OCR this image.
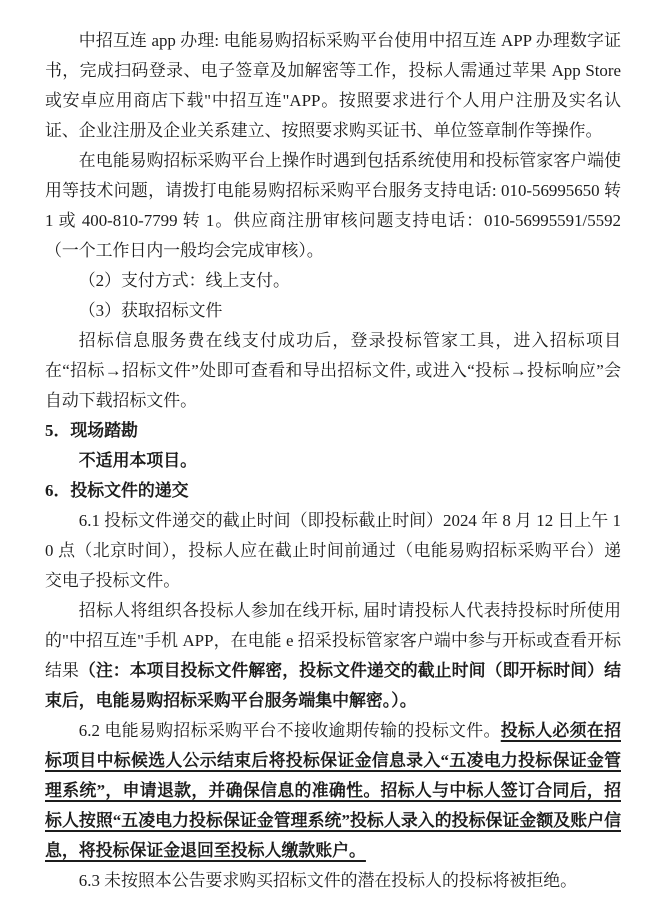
中招互连 app 办理: 电能易购招标采购平台使用中招互连 APP 办理数字证书，完成扫码登录、电子签章及加解密等工作，投标人需通过苹果 App Store 或安卓应用商店下载"中招互连"APP。按照要求进行个人用户注册及实名认证、企业注册及企业关系建立、按照要求购买证书、单位签章制作等操作。

在电能易购招标采购平台上操作时遇到包括系统使用和投标管家客户端使用等技术问题，请拨打电能易购招标采购平台服务支持电话: 010-56995650 转 1 或 400-810-7799 转 1。供应商注册审核问题支持电话：010-56995591/5592（一个工作日内一般均会完成审核）。

（2）支付方式：线上支付。

（3）获取招标文件

招标信息服务费在线支付成功后，登录投标管家工具，进入招标项目在“招标→招标文件”处即可查看和导出招标文件, 或进入“投标→投标响应”会自动下载招标文件。

5．现场踏勘

不适用本项目。

6．投标文件的递交

6.1 投标文件递交的截止时间（即投标截止时间）2024 年 8 月 12 日上午 10 点（北京时间），投标人应在截止时间前通过（电能易购招标采购平台）递交电子投标文件。

招标人将组织各投标人参加在线开标, 届时请投标人代表持投标时所使用的"中招互连"手机 APP，在电能 e 招采投标管家客户端中参与开标或查看开标结果（注：本项目投标文件解密，投标文件递交的截止时间（即开标时间）结束后，电能易购招标采购平台服务端集中解密。）。

6.2 电能易购招标采购平台不接收逾期传输的投标文件。投标人必须在招标项目中标候选人公示结束后将投标保证金信息录入“五凌电力投标保证金管理系统”，申请退款，并确保信息的准确性。招标人与中标人签订合同后，招标人按照“五凌电力投标保证金管理系统”投标人录入的投标保证金额及账户信息，将投标保证金退回至投标人缴款账户。

6.3 未按照本公告要求购买招标文件的潜在投标人的投标将被拒绝。
